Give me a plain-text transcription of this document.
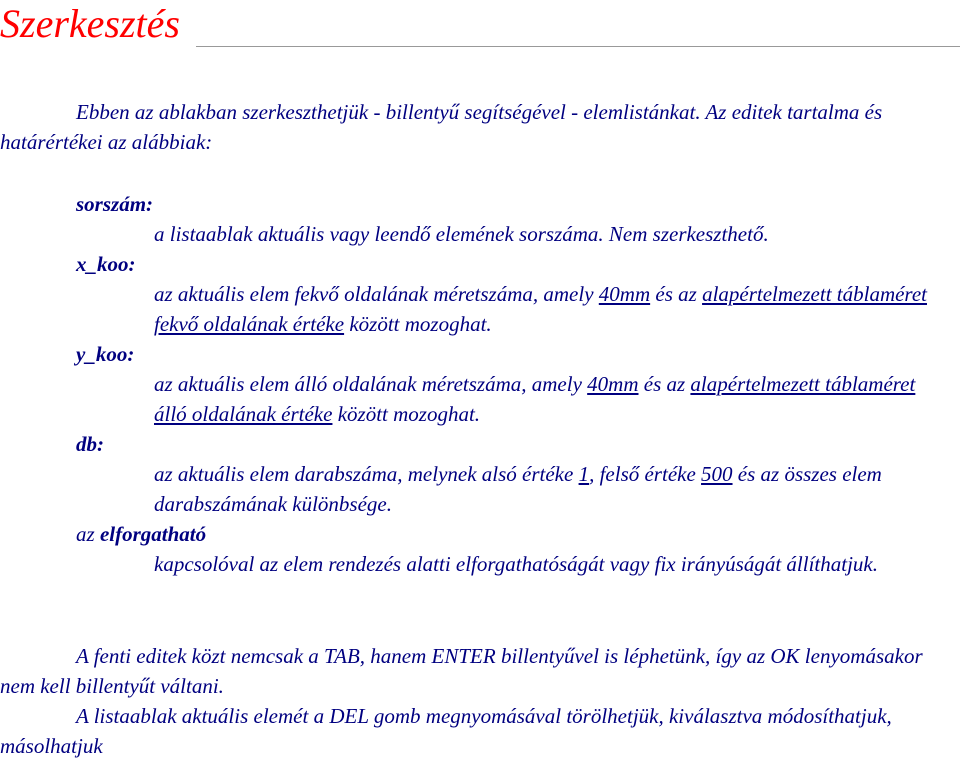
Szerkesztés

Ebben az ablakban szerkeszthetjük - billentyű segítségével - elemlistánkat. Az editek tartalma és határértékei az alábbiak:

sorszám:

a listaablak aktuális vagy leendő elemének sorszáma. Nem szerkeszthető.

x_koo:

az aktuális elem fekvő oldalának méretszáma, amely 40mm és az alapértelmezett táblaméret fekvő oldalának értéke között mozoghat.

y_koo:

az aktuális elem álló oldalának méretszáma, amely 40mm és az alapértelmezett táblaméret álló oldalának értéke között mozoghat.

db:

az aktuális elem darabszáma, melynek alsó értéke 1, felső értéke 500 és az összes elem darabszámának különbsége.

az elforgatható

kapcsolóval az elem rendezés alatti elforgathatóságát vagy fix irányúságát állíthatjuk.

A fenti editek közt nemcsak a TAB, hanem ENTER billentyűvel is léphetünk, így az OK lenyomásakor nem kell billentyűt váltani.

A listaablak aktuális elemét a DEL gomb megnyomásával törölhetjük, kiválasztva módosíthatjuk, másolhatjuk
